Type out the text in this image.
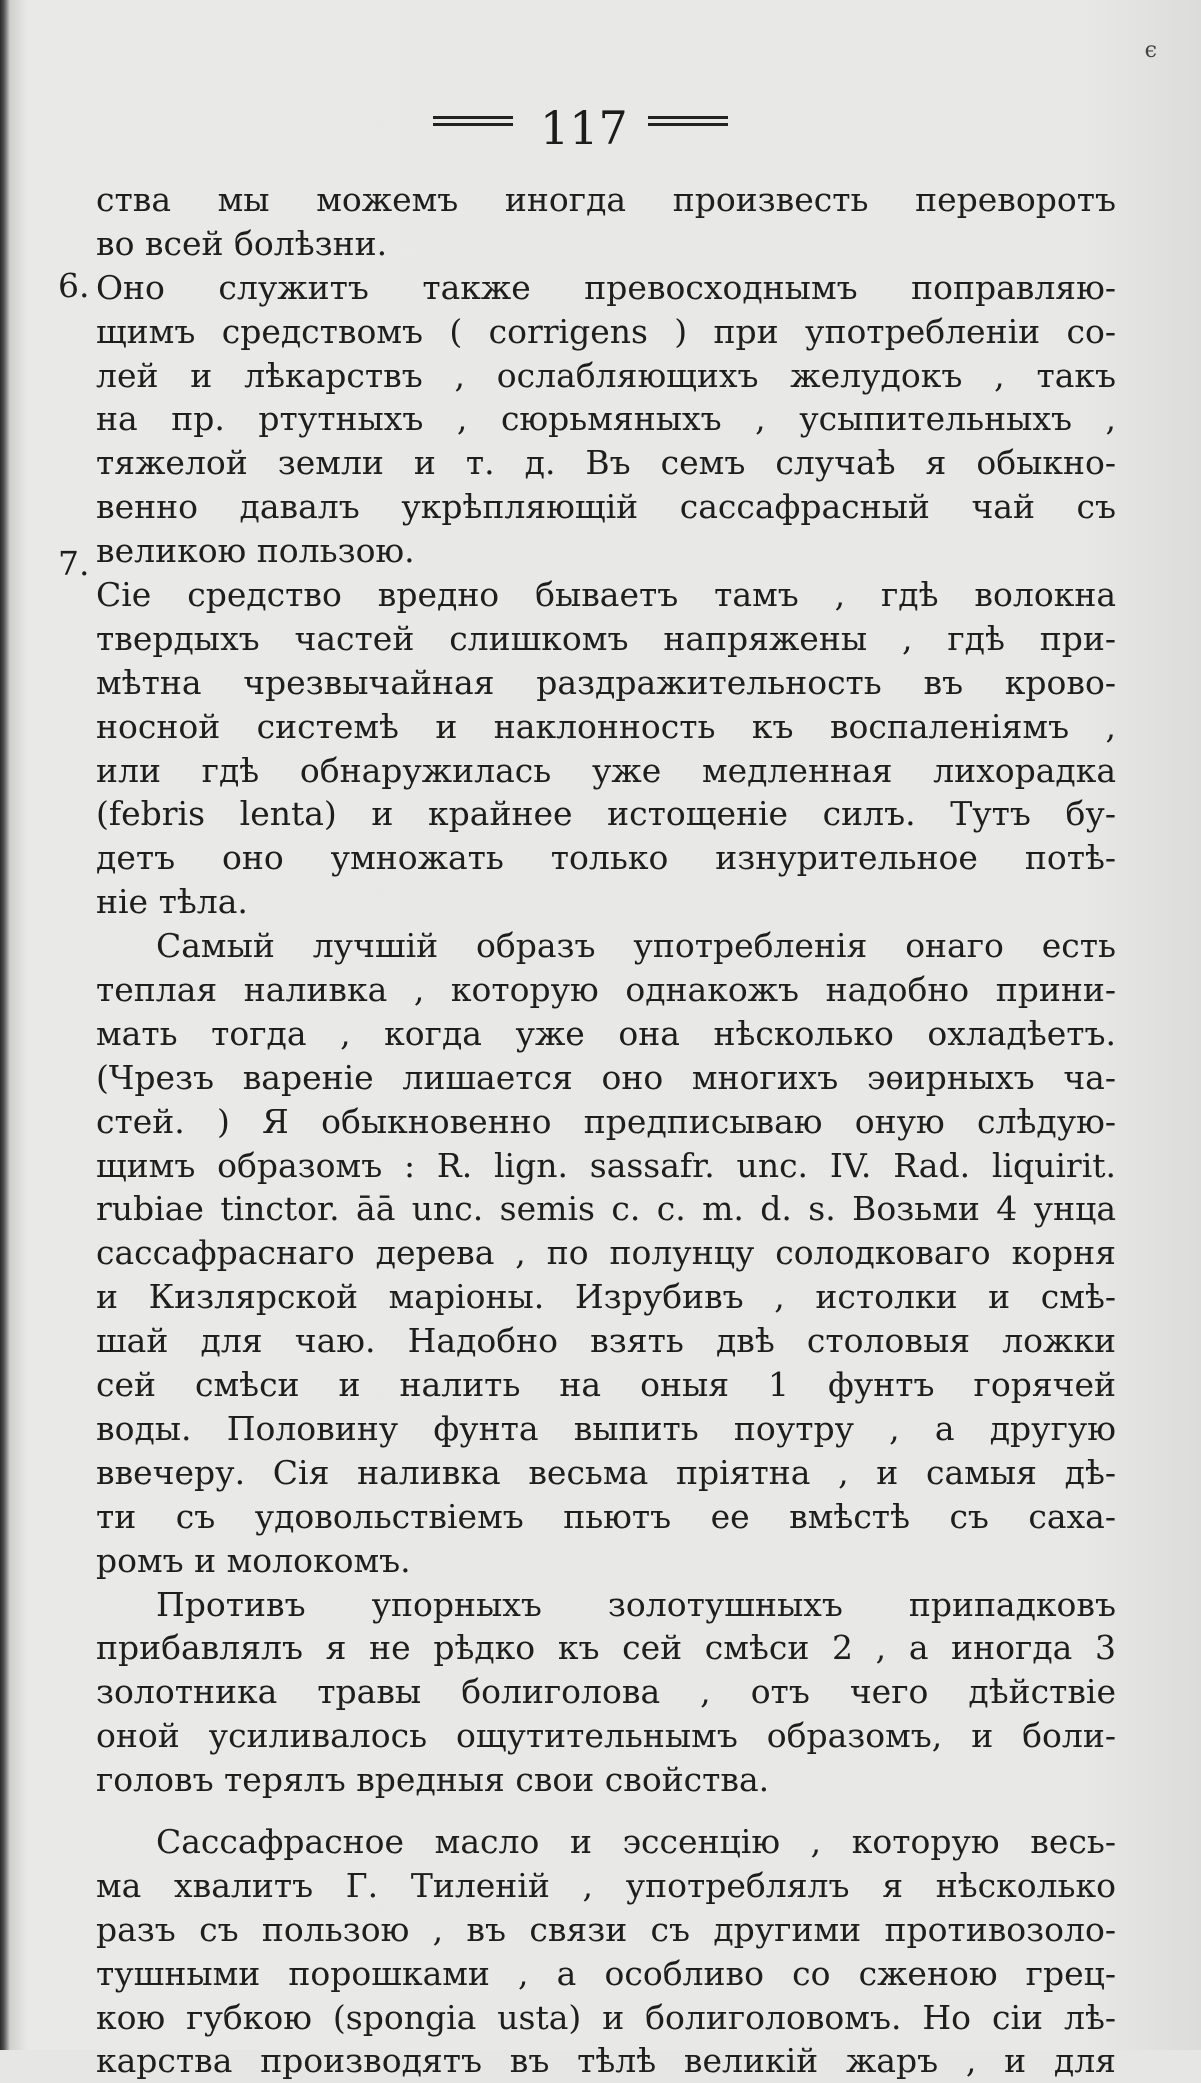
ϵ
117
6.
7.
ства мы можемъ иногда произвесть переворотъ
во всей болѣзни.
Оно служитъ также превосходнымъ поправляю-
щимъ средствомъ ( corrigens ) при употребленіи со-
лей и лѣкарствъ , ослабляющихъ желудокъ , такъ
на пр. ртутныхъ , сюрьмяныхъ , усыпительныхъ ,
тяжелой земли и т. д. Въ семъ случаѣ я обыкно-
венно давалъ укрѣпляющій сассафрасный чай съ
великою пользою.
Сіе средство вредно бываетъ тамъ , гдѣ волокна
твердыхъ частей слишкомъ напряжены , гдѣ при-
мѣтна чрезвычайная раздражительность въ крово-
носной системѣ и наклонность къ воспаленіямъ ,
или гдѣ обнаружилась уже медленная лихорадка
(febris lenta) и крайнее истощеніе силъ. Тутъ бу-
детъ оно умножать только изнурительное потѣ-
ніе тѣла.
Самый лучшій образъ употребленія онаго есть
теплая наливка , которую однакожъ надобно прини-
мать тогда , когда уже она нѣсколько охладѣетъ.
(Чрезъ вареніе лишается оно многихъ эѳирныхъ ча-
стей. ) Я обыкновенно предписываю оную слѣдую-
щимъ образомъ : R. lign. sassafr. unc. IV. Rad. liquirit.
rubiae tinctor. āā unc. semis c. c. m. d. s. Возьми 4 унца
сассафраснаго дерева , по полунцу солодковаго корня
и Кизлярской маріоны. Изрубивъ , истолки и смѣ-
шай для чаю. Надобно взять двѣ столовыя ложки
сей смѣси и налить на оныя 1 фунтъ горячей
воды. Половину фунта выпить поутру , а другую
ввечеру. Сія наливка весьма пріятна , и самыя дѣ-
ти съ удовольствіемъ пьютъ ее вмѣстѣ съ саха-
ромъ и молокомъ.
Противъ упорныхъ золотушныхъ припадковъ
прибавлялъ я не рѣдко къ сей смѣси 2 , а иногда 3
золотника травы болиголова , отъ чего дѣйствіе
оной усиливалось ощутительнымъ образомъ, и боли-
головъ терялъ вредныя свои свойства.
Сассафрасное масло и эссенцію , которую весь-
ма хвалитъ Г. Тиленій , употреблялъ я нѣсколько
разъ съ пользою , въ связи съ другими противозоло-
тушными порошками , а особливо со сженою грец-
кою губкою (spongia usta) и болиголовомъ. Но сіи лѣ-
карства производятъ въ тѣлѣ великій жаръ , и для
